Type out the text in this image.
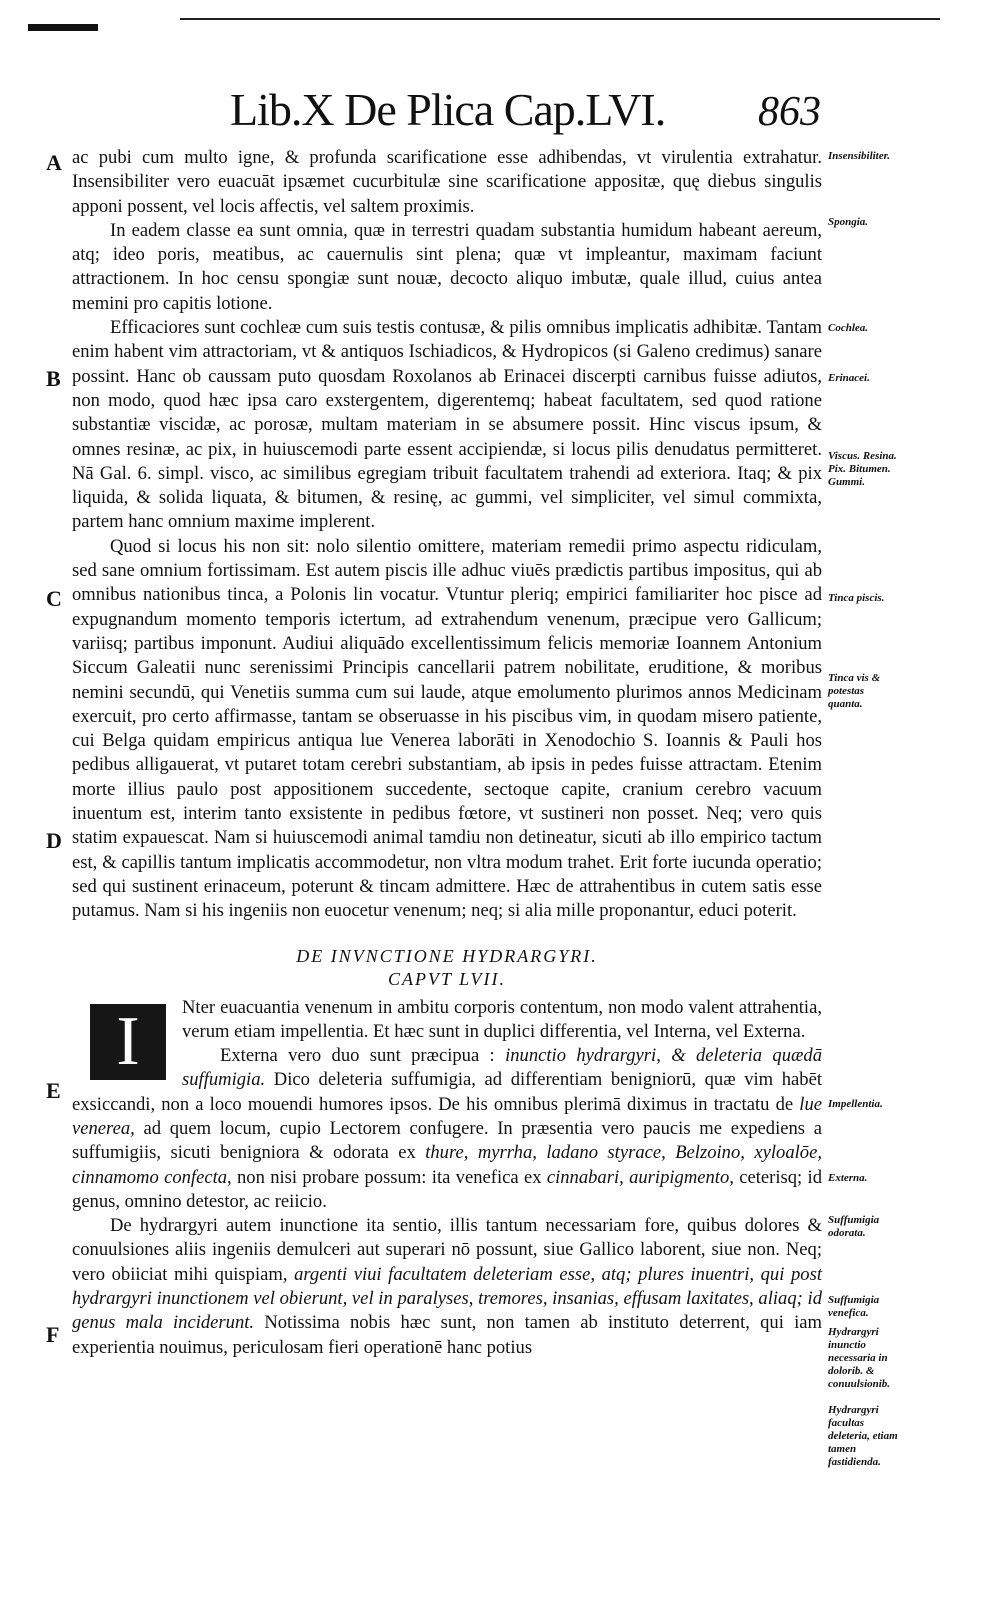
Lib.X De Plica Cap.LVI. 863
A
B
C
D
E
F

ac pubi cum multo igne, & profunda scarificatione esse adhibendas, vt virulentia extrahatur. Insensibiliter vero euacuāt ipsæmet cucurbitulæ sine scarificatione appositæ, quę diebus singulis apponi possent, vel locis affectis, vel saltem proximis.

In eadem classe ea sunt omnia, quæ in terrestri quadam substantia humidum habeant aereum, atq; ideo poris, meatibus, ac cauernulis sint plena; quæ vt impleantur, maximam faciunt attractionem. In hoc censu spongiæ sunt nouæ, decocto aliquo imbutæ, quale illud, cuius antea memini pro capitis lotione.

Efficaciores sunt cochleæ cum suis testis contusæ, & pilis omnibus implicatis adhibitæ. Tantam enim habent vim attractoriam, vt & antiquos Ischiadicos, & Hydropicos (si Galeno credimus) sanare possint. Hanc ob caussam puto quosdam Roxolanos ab Erinacei discerpti carnibus fuisse adiutos, non modo, quod hæc ipsa caro exstergentem, digerentemq; habeat facultatem, sed quod ratione substantiæ viscidæ, ac porosæ, multam materiam in se absumere possit. Hinc viscus ipsum, & omnes resinæ, ac pix, in huiuscemodi parte essent accipiendæ, si locus pilis denudatus permitteret. Nā Gal. 6. simpl. visco, ac similibus egregiam tribuit facultatem trahendi ad exteriora. Itaq; & pix liquida, & solida liquata, & bitumen, & resinę, ac gummi, vel simpliciter, vel simul commixta, partem hanc omnium maxime implerent.

Quod si locus his non sit: nolo silentio omittere, materiam remedii primo aspectu ridiculam, sed sane omnium fortissimam. Est autem piscis ille adhuc viuēs prædictis partibus impositus, qui ab omnibus nationibus tinca, a Polonis lin vocatur. Vtuntur pleriq; empirici familiariter hoc pisce ad expugnandum momento temporis ictertum, ad extrahendum venenum, præcipue vero Gallicum; variisq; partibus imponunt. Audiui aliquādo excellentissimum felicis memoriæ Ioannem Antonium Siccum Galeatii nunc serenissimi Principis cancellarii patrem nobilitate, eruditione, & moribus nemini secundū, qui Venetiis summa cum sui laude, atque emolumento plurimos annos Medicinam exercuit, pro certo affirmasse, tantam se obseruasse in his piscibus vim, in quodam misero patiente, cui Belga quidam empiricus antiqua lue Venerea laborāti in Xenodochio S. Ioannis & Pauli hos pedibus alligauerat, vt putaret totam cerebri substantiam, ab ipsis in pedes fuisse attractam. Etenim morte illius paulo post appositionem succedente, sectoque capite, cranium cerebro vacuum inuentum est, interim tanto exsistente in pedibus fœtore, vt sustineri non posset. Neq; vero quis statim expauescat. Nam si huiuscemodi animal tamdiu non detineatur, sicuti ab illo empirico tactum est, & capillis tantum implicatis accommodetur, non vltra modum trahet. Erit forte iucunda operatio; sed qui sustinent erinaceum, poterunt & tincam admittere. Hæc de attrahentibus in cutem satis esse putamus. Nam si his ingeniis non euocetur venenum; neq; si alia mille proponantur, educi poterit.

DE INVNCTIONE HYDRARGYRI.
CAPVT LVII.

I	Nter euacuantia venenum in ambitu corporis contentum, non modo valent attrahentia, verum etiam impellentia. Et hæc sunt in duplici differentia, vel Interna, vel Externa.

Externa vero duo sunt præcipua : inunctio hydrargyri, & deleteria quædā suffumigia. Dico deleteria suffumigia, ad differentiam benigniorū, quæ vim habēt exsiccandi, non a loco mouendi humores ipsos. De his omnibus plerimā diximus in tractatu de lue venerea, ad quem locum, cupio Lectorem confugere. In præsentia vero paucis me expediens a suffumigiis, sicuti benigniora & odorata ex thure, myrrha, ladano styrace, Belzoino, xyloalōe, cinnamomo confecta, non nisi probare possum: ita venefica ex cinnabari, auripigmento, ceterisq; id genus, omnino detestor, ac reiicio.

De hydrargyri autem inunctione ita sentio, illis tantum necessariam fore, quibus dolores & conuulsiones aliis ingeniis demulceri aut superari nō possunt, siue Gallico laborent, siue non. Neq; vero obiiciat mihi quispiam, argenti viui facultatem deleteriam esse, atq; plures inuentri, qui post hydrargyri inunctionem vel obierunt, vel in paralyses, tremores, insanias, effusam laxitates, aliaq; id genus mala inciderunt. Notissima nobis hæc sunt, non tamen ab instituto deterrent, qui iam experientia nouimus, periculosam fieri operationē hanc potius

Insensibiliter.
Spongia.
Cochlea.
Erinacei.
Viscus. Resina. Pix. Bitumen. Gummi.
Tinca piscis.
Tinca vis & potestas quanta.
Impellentia.
Externa.
Suffumigia odorata.
Suffumigia venefica.
Hydrargyri inunctio necessaria in dolorib. & conuulsionib.
Hydrargyri facultas deleteria, etiam tamen fastidienda.
